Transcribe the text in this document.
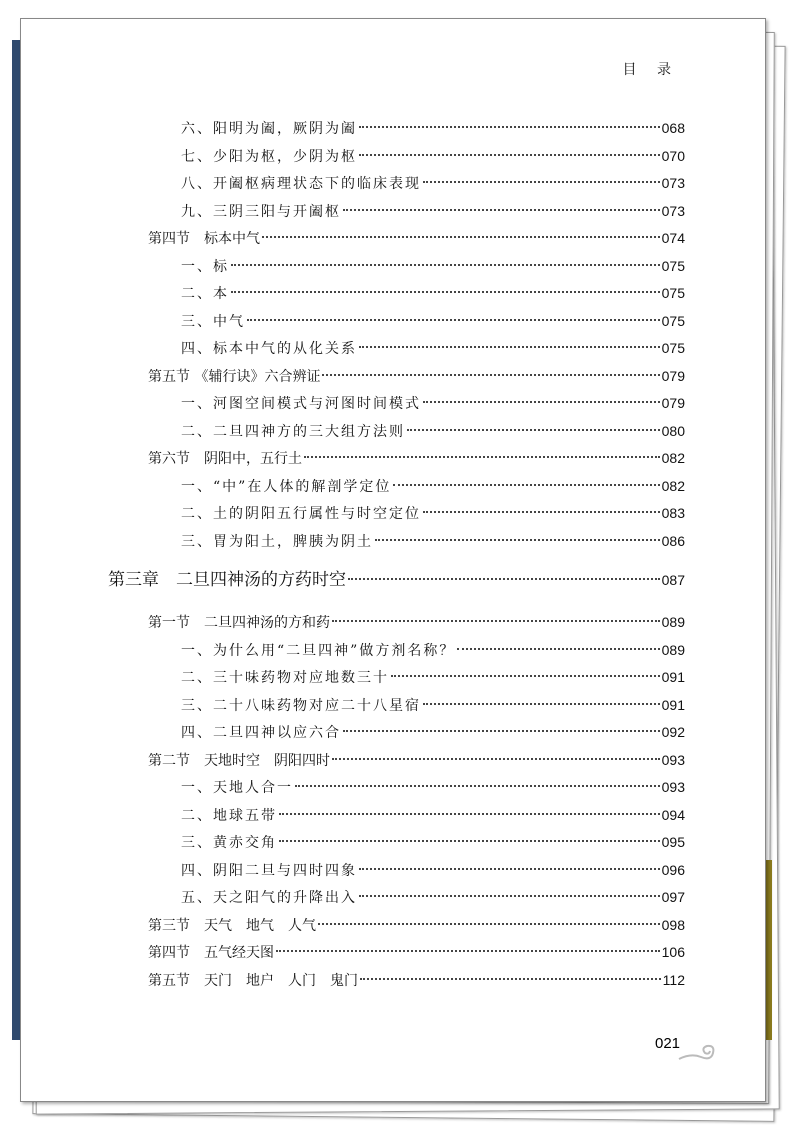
目 录
六、阳明为阖，厥阴为阖	068
七、少阳为枢，少阴为枢	070
八、开阖枢病理状态下的临床表现	073
九、三阴三阳与开阖枢	073
第四节　标本中气	074
一、标	075
二、本	075
三、中气	075
四、标本中气的从化关系	075
第五节 《辅行诀》六合辨证	079
一、河图空间模式与河图时间模式	079
二、二旦四神方的三大组方法则	080
第六节　阴阳中，五行土	082
一、“中”在人体的解剖学定位	082
二、土的阴阳五行属性与时空定位	083
三、胃为阳土，脾胰为阴土	086
第三章　二旦四神汤的方药时空	087
第一节　二旦四神汤的方和药	089
一、为什么用“二旦四神”做方剂名称？	089
二、三十味药物对应地数三十	091
三、二十八味药物对应二十八星宿	091
四、二旦四神以应六合	092
第二节　天地时空　阴阳四时	093
一、天地人合一	093
二、地球五带	094
三、黄赤交角	095
四、阴阳二旦与四时四象	096
五、天之阳气的升降出入	097
第三节　天气　地气　人气	098
第四节　五气经天图	106
第五节　天门　地户　人门　鬼门	112
021
